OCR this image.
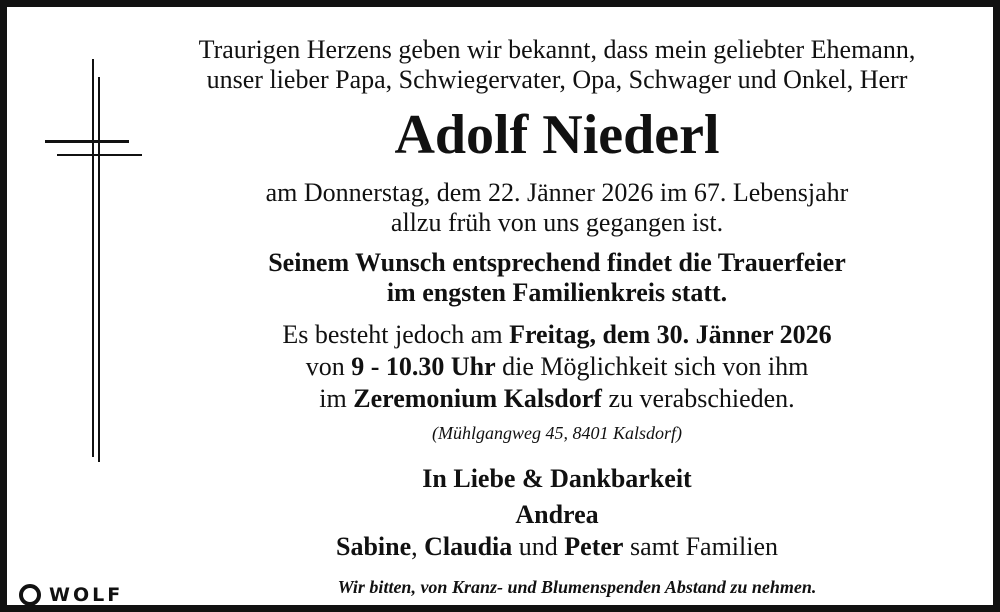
Traurigen Herzens geben wir bekannt, dass mein geliebter Ehemann,
unser lieber Papa, Schwiegervater, Opa, Schwager und Onkel, Herr
Adolf Niederl
am Donnerstag, dem 22. Jänner 2026 im 67. Lebensjahr
allzu früh von uns gegangen ist.
Seinem Wunsch entsprechend findet die Trauerfeier
im engsten Familienkreis statt.
Es besteht jedoch am Freitag, dem 30. Jänner 2026
von 9 - 10.30 Uhr die Möglichkeit sich von ihm
im Zeremonium Kalsdorf zu verabschieden.
(Mühlgangweg 45, 8401 Kalsdorf)
In Liebe & Dankbarkeit
Andrea
Sabine, Claudia und Peter samt Familien
Wir bitten, von Kranz- und Blumenspenden Abstand zu nehmen.
WOLF
